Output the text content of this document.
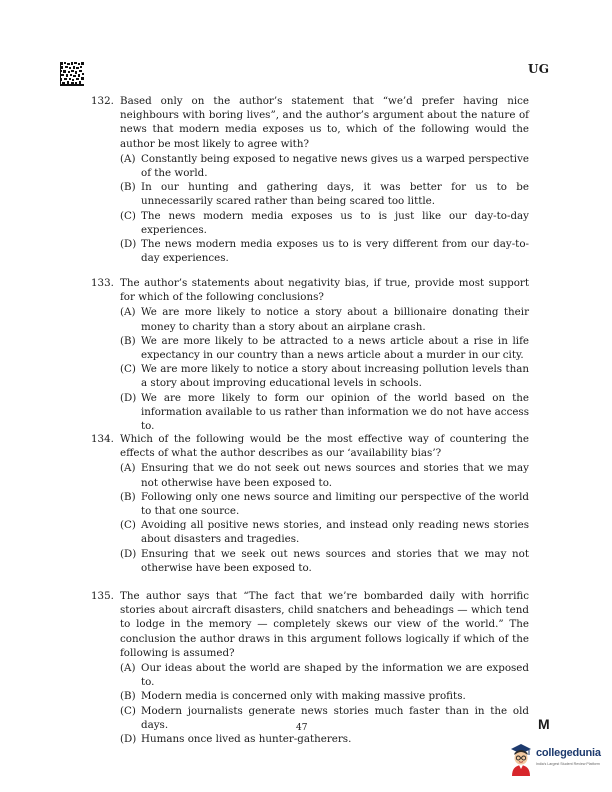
UG
132. Based only on the author’s statement that “we’d prefer having nice neighbours with boring lives”, and the author’s argument about the nature of news that modern media exposes us to, which of the following would the author be most likely to agree with?
(A) Constantly being exposed to negative news gives us a warped perspective of the world.
(B) In our hunting and gathering days, it was better for us to be unnecessarily scared rather than being scared too little.
(C) The news modern media exposes us to is just like our day-to-day experiences.
(D) The news modern media exposes us to is very different from our day-to-day experiences.
133. The author’s statements about negativity bias, if true, provide most support for which of the following conclusions?
(A) We are more likely to notice a story about a billionaire donating their money to charity than a story about an airplane crash.
(B) We are more likely to be attracted to a news article about a rise in life expectancy in our country than a news article about a murder in our city.
(C) We are more likely to notice a story about increasing pollution levels than a story about improving educational levels in schools.
(D) We are more likely to form our opinion of the world based on the information available to us rather than information we do not have access to.
134. Which of the following would be the most effective way of countering the effects of what the author describes as our ‘availability bias’?
(A) Ensuring that we do not seek out news sources and stories that we may not otherwise have been exposed to.
(B) Following only one news source and limiting our perspective of the world to that one source.
(C) Avoiding all positive news stories, and instead only reading news stories about disasters and tragedies.
(D) Ensuring that we seek out news sources and stories that we may not otherwise have been exposed to.
135. The author says that “The fact that we’re bombarded daily with horrific stories about aircraft disasters, child snatchers and beheadings — which tend to lodge in the memory — completely skews our view of the world.” The conclusion the author draws in this argument follows logically if which of the following is assumed?
(A) Our ideas about the world are shaped by the information we are exposed to.
(B) Modern media is concerned only with making massive profits.
(C) Modern journalists generate news stories much faster than in the old days.
(D) Humans once lived as hunter-gatherers.
47	M
collegedunia
India's Largest Student Review Platform
